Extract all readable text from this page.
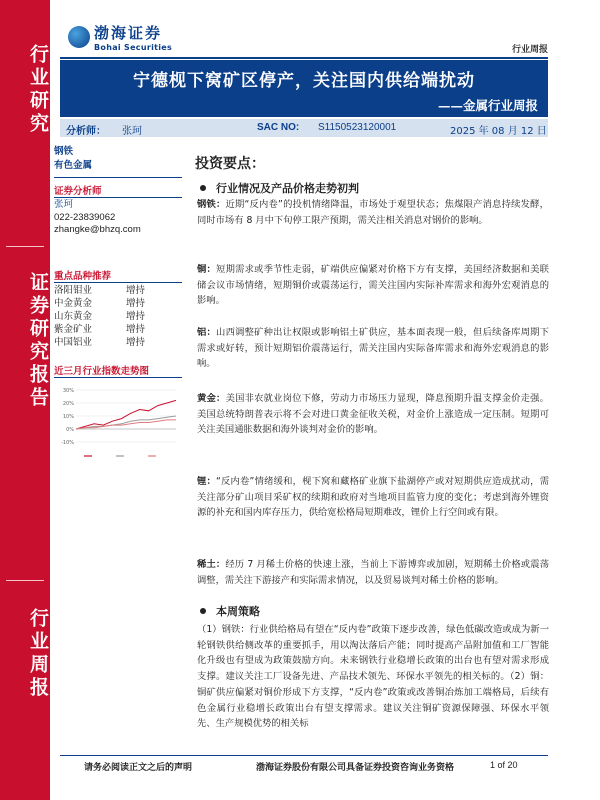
行业研究
证券研究报告
行业周报
渤海证券
Bohai Securities	行业周报
宁德枧下窝矿区停产，关注国内供给端扰动
——金属行业周报
分析师： 张珂	SAC NO: S1150523120001	2025 年 08 月 12 日
钢铁
有色金属
证券分析师
张珂
022-23839062
zhangke@bhzq.com
重点品种推荐
洛阳钼业	增持
中金黄金	增持
山东黄金	增持
紫金矿业	增持
中国铝业	增持
近三月行业指数走势图
30%
20%
10%
0%
-10%
投资要点：
行业情况及产品价格走势初判
钢铁：近期“反内卷”的投机情绪降温，市场处于观望状态；焦煤限产消息持续发酵，同时市场有 8 月中下旬停工限产预期，需关注相关消息对钢价的影响。
铜：短期需求或季节性走弱，矿端供应偏紧对价格下方有支撑，美国经济数据和美联储会议市场情绪，短期铜价或震荡运行，需关注国内实际补库需求和海外宏观消息的影响。
铝：山西调整矿种出让权限或影响铝土矿供应，基本面表现一般，但后续备库周期下需求或好转，预计短期铝价震荡运行，需关注国内实际备库需求和海外宏观消息的影响。
黄金：美国非农就业岗位下修，劳动力市场压力显现，降息预期升温支撑金价走强。美国总统特朗普表示将不会对进口黄金征收关税，对金价上涨造成一定压制。短期可关注美国通胀数据和海外谈判对金价的影响。
锂：“反内卷”情绪缓和，枧下窝和藏格矿业旗下盐湖停产或对短期供应造成扰动，需关注部分矿山项目采矿权的续期和政府对当地项目监管力度的变化；考虑到海外锂资源的补充和国内库存压力，供给宽松格局短期难改，锂价上行空间或有限。
稀土：经历 7 月稀土价格的快速上涨，当前上下游博弈或加剧，短期稀土价格或震荡调整，需关注下游接产和实际需求情况，以及贸易谈判对稀土价格的影响。
本周策略
（1）钢铁：行业供给格局有望在“反内卷”政策下逐步改善，绿色低碳改造或成为新一轮钢铁供给侧改革的重要抓手，用以淘汰落后产能；同时提高产品附加值和工厂智能化升级也有望成为政策鼓励方向。未来钢铁行业稳增长政策的出台也有望对需求形成支撑。建议关注工厂设备先进、产品技术领先、环保水平领先的相关标的。（2）铜：铜矿供应偏紧对铜价形成下方支撑，“反内卷”政策或改善铜冶炼加工端格局，后续有色金属行业稳增长政策出台有望支撑需求。建议关注铜矿资源保障强、环保水平领先、生产规模优势的相关标
请务必阅读正文之后的声明	渤海证券股份有限公司具备证券投资咨询业务资格	1 of 20
